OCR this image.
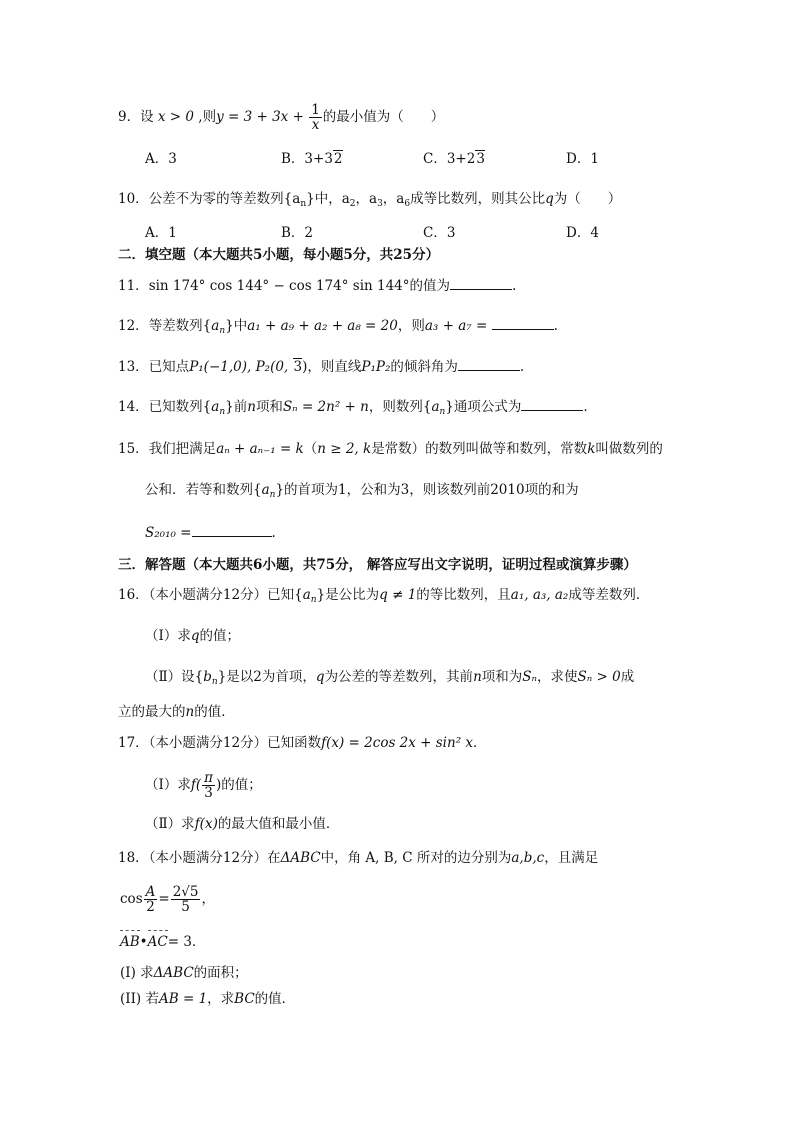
9．设 x > 0 ,则$y = 3 + 3x + \frac{1}{x}$ 的最小值为（　　）
A．3	B．3+32	C．3+23	D．1
10．公差不为零的等差数列$\{a_n\}$中，$a_2$，$a_3$，$a_6$成等比数列，则其公比q为（　　）
A．1	B．2	C．3	D．4
二．填空题（本大题共5小题，每小题5分，共25分）
11．sin 174° cos 144° − cos 174° sin 144°的值为	.
12．等差数列$\{a_n\}$中a₁ + a₉ + a₂ + a₈ = 20，则a₃ + a₇ =	.
13．已知点P₁(−1,0), P₂(0, 3)，则直线P₁P₂的倾斜角为	.
14．已知数列$\{a_n\}$前n项和Sₙ = 2n² + n，则数列$\{a_n\}$通项公式为	.
15．我们把满足aₙ + aₙ₋₁ = k（n ≥ 2, k是常数）的数列叫做等和数列，常数k叫做数列的
公和．若等和数列$\{a_n\}$的首项为1，公和为3，则该数列前2010项的和为
S₂₀₁₀ =	.
三．解答题（本大题共6小题，共75分， 解答应写出文字说明，证明过程或演算步骤）
16．（本小题满分12分）已知$\{a_n\}$是公比为q ≠ 1的等比数列，且a₁, a₃, a₂成等差数列．
（Ⅰ）求q的值；
（Ⅱ）设$\{b_n\}$是以2为首项，q为公差的等差数列，其前n项和为Sₙ，求使Sₙ > 0成
立的最大的n的值．
17．（本小题满分12分）已知函数f(x) = 2cos 2x + sin² x．
（Ⅰ）求$f( \frac{\pi}{3}$ )的值；
（Ⅱ）求f(x)的最大值和最小值．
18．（本小题满分12分）在ΔABC中，角 A, B, C 所对的边分别为a,b,c，且满足
$\cos \frac{A}{2} = \frac{2√5}{5}$ ，
AB•AC= 3．
(I) 求ΔABC的面积；
(II) 若AB = 1，求BC的值．
